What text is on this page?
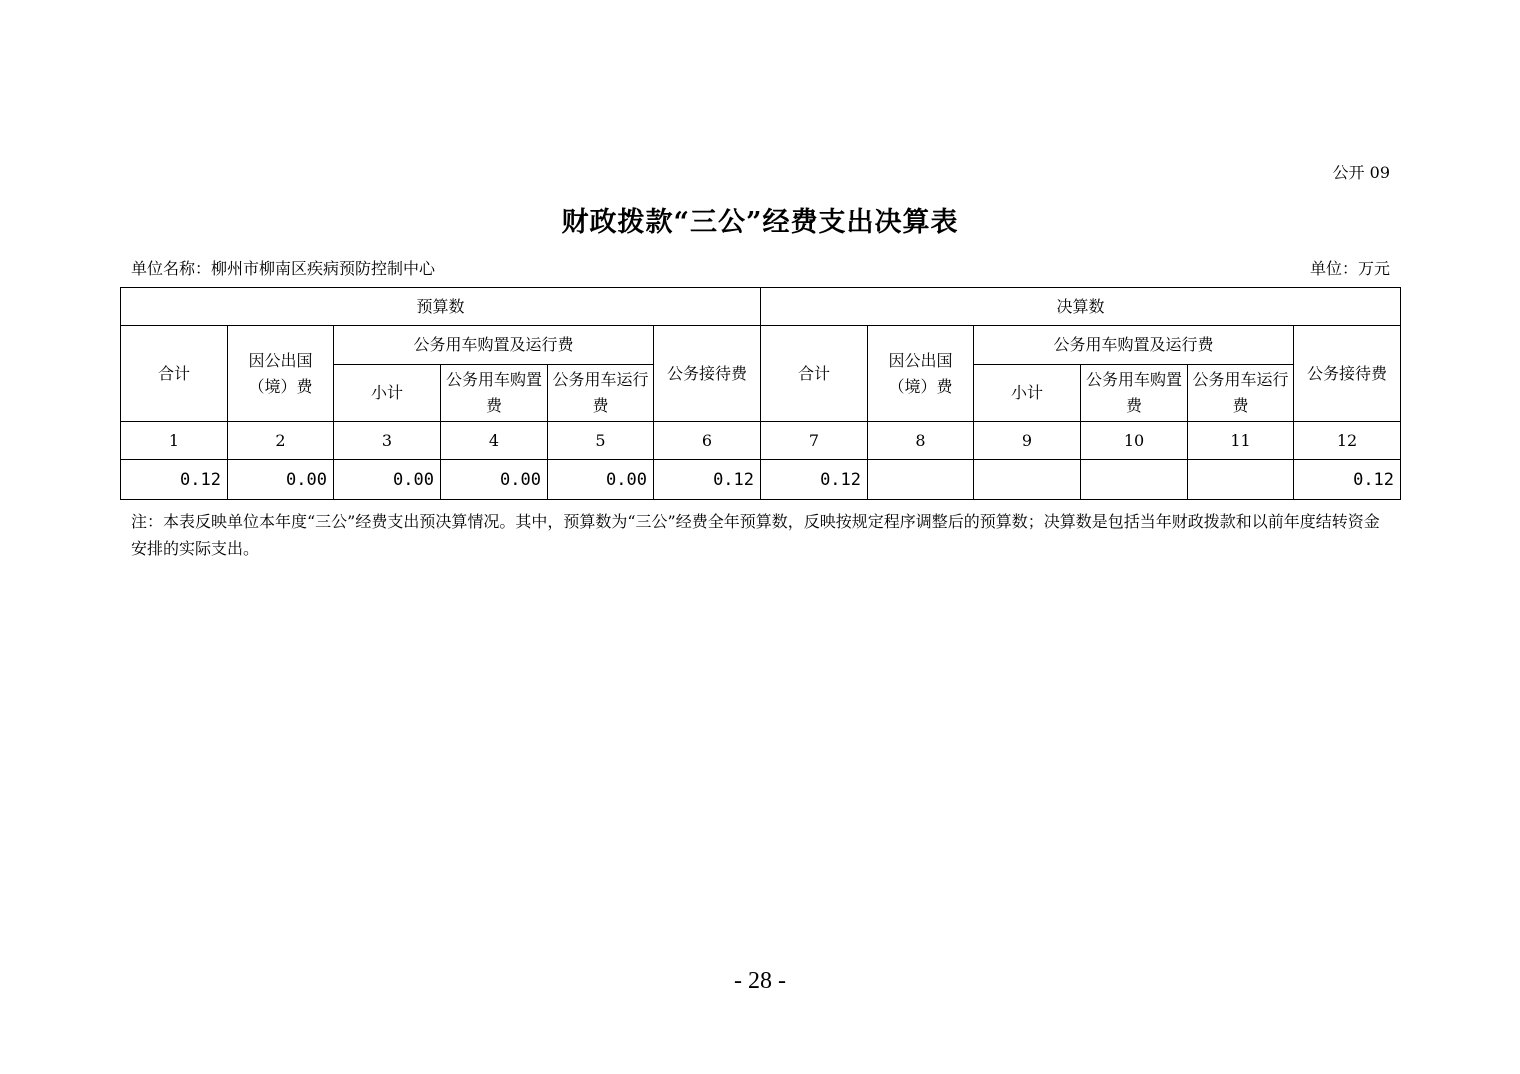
公开 09
财政拨款“三公”经费支出决算表
单位名称：柳州市柳南区疾病预防控制中心	单位：万元
预算数						决算数					
合计	因公出国（境）费	公务用车购置及运行费			公务接待费	合计	因公出国（境）费	公务用车购置及运行费			公务接待费
		小计	公务用车购置费	公务用车运行费				小计	公务用车购置费	公务用车运行费	
1	2	3	4	5	6	7	8	9	10	11	12
0.12	0.00	0.00	0.00	0.00	0.12	0.12					0.12
注：本表反映单位本年度“三公”经费支出预决算情况。其中，预算数为“三公”经费全年预算数，反映按规定程序调整后的预算数；决算数是包括当年财政拨款和以前年度结转资金安排的实际支出。
- 28 -
